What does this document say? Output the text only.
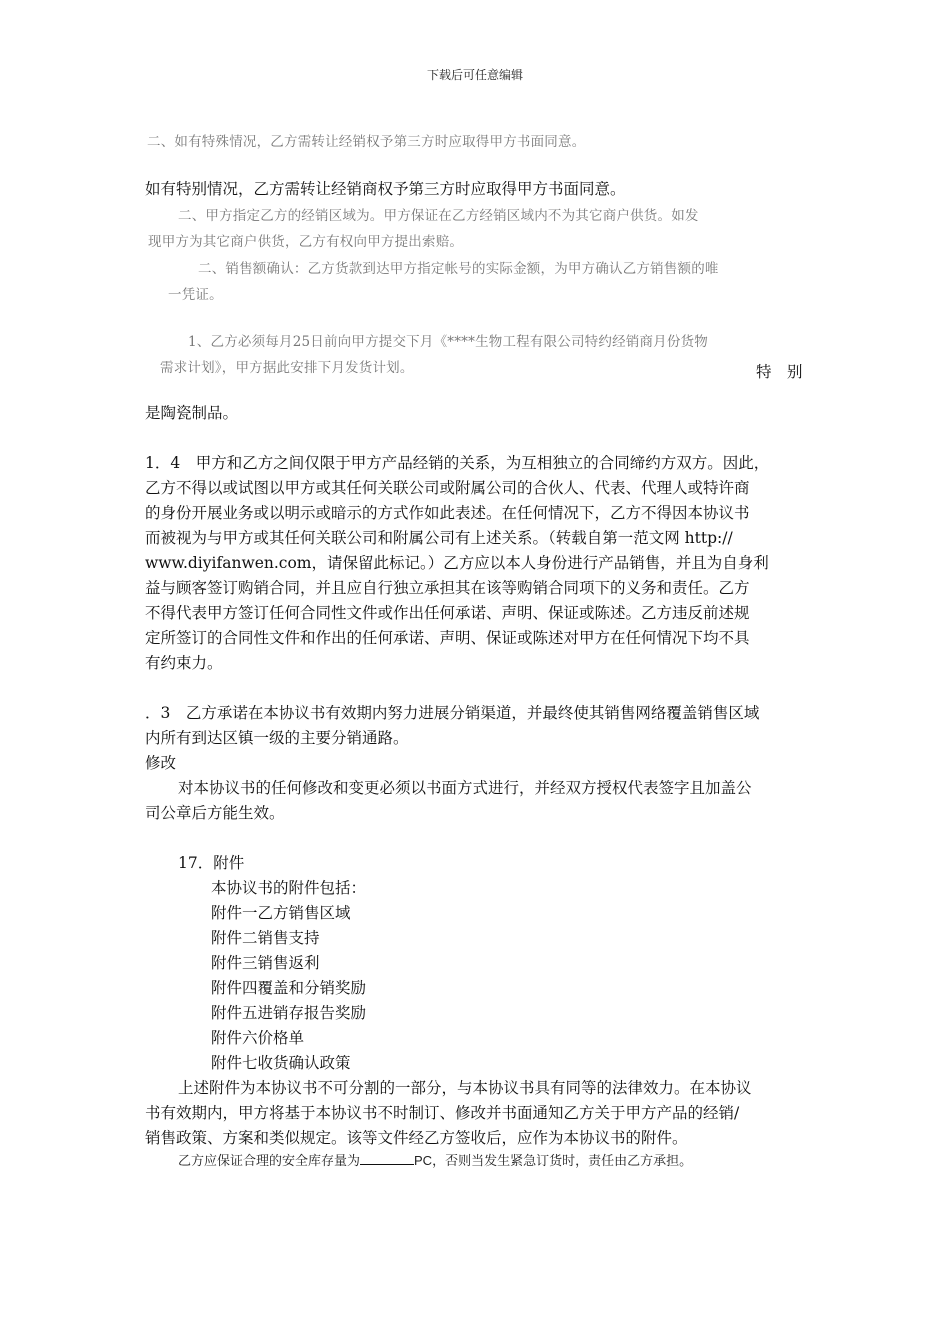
下载后可任意编辑
二、如有特殊情况，乙方需转让经销权予第三方时应取得甲方书面同意。
如有特别情况，乙方需转让经销商权予第三方时应取得甲方书面同意。
二、甲方指定乙方的经销区域为。甲方保证在乙方经销区域内不为其它商户供货。如发
现甲方为其它商户供货，乙方有权向甲方提出索赔。
二、销售额确认：乙方货款到达甲方指定帐号的实际金额，为甲方确认乙方销售额的唯
一凭证。
1、乙方必须每月25日前向甲方提交下月《****生物工程有限公司特约经销商月份货物
需求计划》，甲方据此安排下月发货计划。	特　别
是陶瓷制品。
1．4　甲方和乙方之间仅限于甲方产品经销的关系，为互相独立的合同缔约方双方。因此，
乙方不得以或试图以甲方或其任何关联公司或附属公司的合伙人、代表、代理人或特许商
的身份开展业务或以明示或暗示的方式作如此表述。在任何情况下，乙方不得因本协议书
而被视为与甲方或其任何关联公司和附属公司有上述关系。（转载自第一范文网 http://
www.diyifanwen.com，请保留此标记。）乙方应以本人身份进行产品销售，并且为自身利
益与顾客签订购销合同，并且应自行独立承担其在该等购销合同项下的义务和责任。乙方
不得代表甲方签订任何合同性文件或作出任何承诺、声明、保证或陈述。乙方违反前述规
定所签订的合同性文件和作出的任何承诺、声明、保证或陈述对甲方在任何情况下均不具
有约束力。
．3　乙方承诺在本协议书有效期内努力进展分销渠道，并最终使其销售网络覆盖销售区域
内所有到达区镇一级的主要分销通路。
修改
对本协议书的任何修改和变更必须以书面方式进行，并经双方授权代表签字且加盖公
司公章后方能生效。
17．附件
本协议书的附件包括：
附件一乙方销售区域
附件二销售支持
附件三销售返利
附件四覆盖和分销奖励
附件五进销存报告奖励
附件六价格单
附件七收货确认政策
上述附件为本协议书不可分割的一部分，与本协议书具有同等的法律效力。在本协议
书有效期内，甲方将基于本协议书不时制订、修改并书面通知乙方关于甲方产品的经销/
销售政策、方案和类似规定。该等文件经乙方签收后，应作为本协议书的附件。
乙方应保证合理的安全库存量为	PC，否则当发生紧急订货时，责任由乙方承担。
